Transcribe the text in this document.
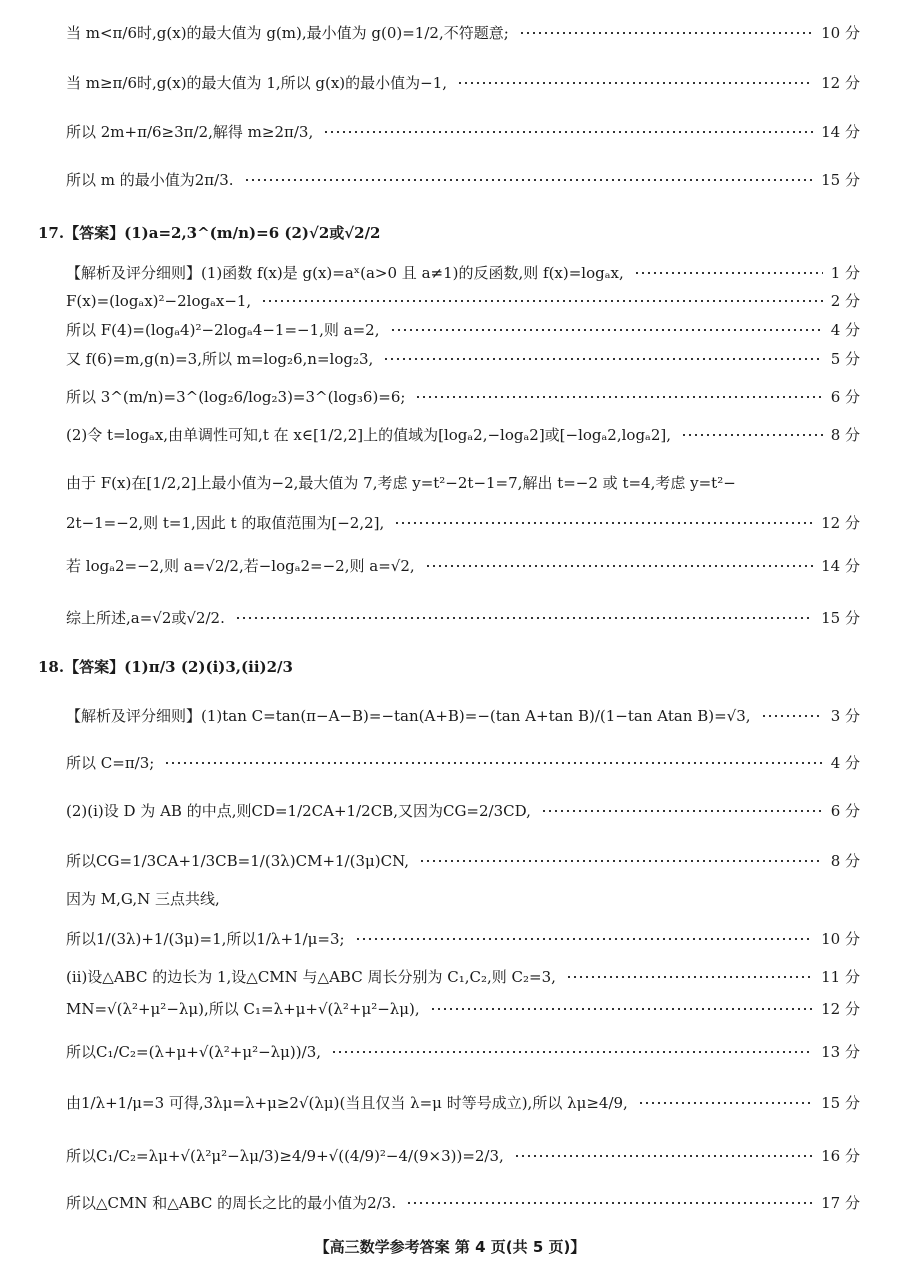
当 m<π/6时,g(x)的最大值为 g(m),最小值为 g(0)=1/2,不符题意;	10 分
当 m≥π/6时,g(x)的最大值为 1,所以 g(x)的最小值为−1,	12 分
所以 2m+π/6≥3π/2,解得 m≥2π/3,	14 分
所以 m 的最小值为2π/3.	15 分
17.【答案】(1)a=2,3^(m/n)=6 (2)√2或√2/2
【解析及评分细则】(1)函数 f(x)是 g(x)=aˣ(a>0 且 a≠1)的反函数,则 f(x)=logₐx,	1 分
F(x)=(logₐx)²−2logₐx−1,	2 分
所以 F(4)=(logₐ4)²−2logₐ4−1=−1,则 a=2,	4 分
又 f(6)=m,g(n)=3,所以 m=log₂6,n=log₂3,	5 分
所以 3^(m/n)=3^(log₂6/log₂3)=3^(log₃6)=6;	6 分
(2)令 t=logₐx,由单调性可知,t 在 x∈[1/2,2]上的值域为[logₐ2,−logₐ2]或[−logₐ2,logₐ2],	8 分
由于 F(x)在[1/2,2]上最小值为−2,最大值为 7,考虑 y=t²−2t−1=7,解出 t=−2 或 t=4,考虑 y=t²−
2t−1=−2,则 t=1,因此 t 的取值范围为[−2,2],	12 分
若 logₐ2=−2,则 a=√2/2,若−logₐ2=−2,则 a=√2,	14 分
综上所述,a=√2或√2/2.	15 分
18.【答案】(1)π/3 (2)(i)3,(ii)2/3
【解析及评分细则】(1)tan C=tan(π−A−B)=−tan(A+B)=−(tan A+tan B)/(1−tan Atan B)=√3,	3 分
所以 C=π/3;	4 分
(2)(i)设 D 为 AB 的中点,则CD=1/2CA+1/2CB,又因为CG=2/3CD,	6 分
所以CG=1/3CA+1/3CB=1/(3λ)CM+1/(3μ)CN,	8 分
因为 M,G,N 三点共线,
所以1/(3λ)+1/(3μ)=1,所以1/λ+1/μ=3;	10 分
(ii)设△ABC 的边长为 1,设△CMN 与△ABC 周长分别为 C₁,C₂,则 C₂=3,	11 分
MN=√(λ²+μ²−λμ),所以 C₁=λ+μ+√(λ²+μ²−λμ),	12 分
所以C₁/C₂=(λ+μ+√(λ²+μ²−λμ))/3,	13 分
由1/λ+1/μ=3 可得,3λμ=λ+μ≥2√(λμ)(当且仅当 λ=μ 时等号成立),所以 λμ≥4/9,	15 分
所以C₁/C₂=λμ+√(λ²μ²−λμ/3)≥4/9+√((4/9)²−4/(9×3))=2/3,	16 分
所以△CMN 和△ABC 的周长之比的最小值为2/3.	17 分
【高三数学参考答案 第 4 页(共 5 页)】
